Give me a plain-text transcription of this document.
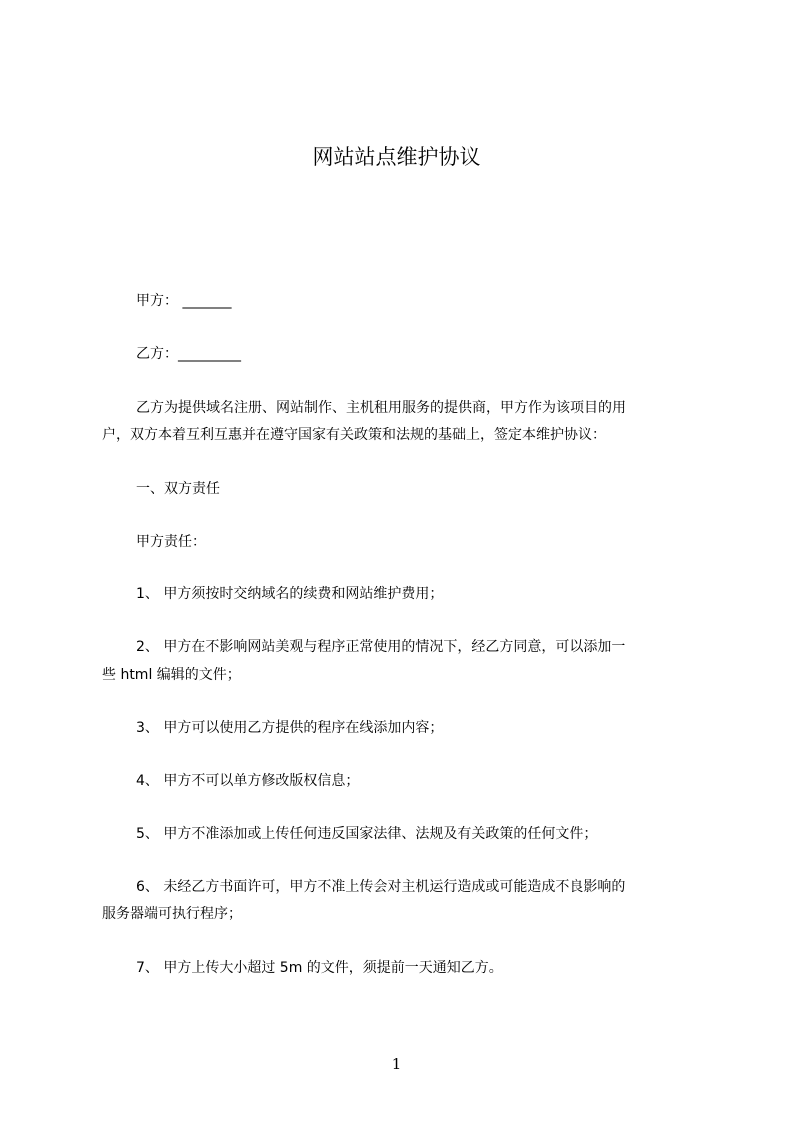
网站站点维护协议
甲方： _______
乙方：_________
乙方为提供域名注册、网站制作、主机租用服务的提供商，甲方作为该项目的用
户，双方本着互利互惠并在遵守国家有关政策和法规的基础上，签定本维护协议：
一、双方责任
甲方责任：
1、 甲方须按时交纳域名的续费和网站维护费用；
2、 甲方在不影响网站美观与程序正常使用的情况下，经乙方同意，可以添加一
些 html 编辑的文件；
3、 甲方可以使用乙方提供的程序在线添加内容；
4、 甲方不可以单方修改版权信息；
5、 甲方不准添加或上传任何违反国家法律、法规及有关政策的任何文件；
6、 未经乙方书面许可，甲方不准上传会对主机运行造成或可能造成不良影响的
服务器端可执行程序；
7、 甲方上传大小超过 5m 的文件，须提前一天通知乙方。
1
